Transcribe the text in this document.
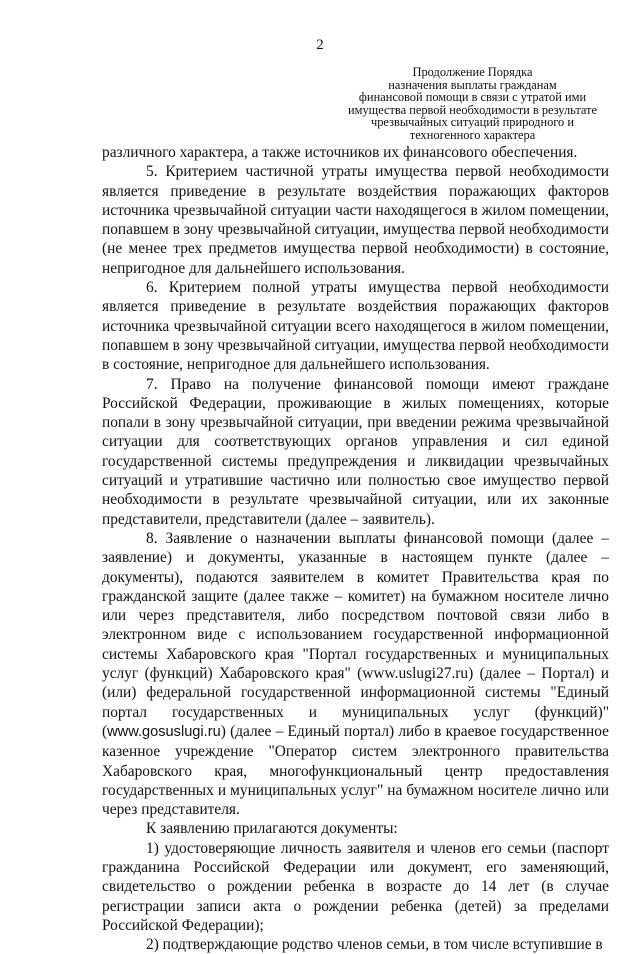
2
Продолжение Порядка
назначения выплаты гражданам
финансовой помощи в связи с утратой ими
имущества первой необходимости в результате
чрезвычайных ситуаций природного и
техногенного характера

различного характера, а также источников их финансового обеспечения.

5. Критерием частичной утраты имущества первой необходимости является приведение в результате воздействия поражающих факторов источника чрезвычайной ситуации части находящегося в жилом помещении, попавшем в зону чрезвычайной ситуации, имущества первой необходимости (не менее трех предметов имущества первой необходимости) в состояние, непригодное для дальнейшего использования.

6. Критерием полной утраты имущества первой необходимости является приведение в результате воздействия поражающих факторов источника чрезвычайной ситуации всего находящегося в жилом помещении, попавшем в зону чрезвычайной ситуации, имущества первой необходимости в состояние, непригодное для дальнейшего использования.

7. Право на получение финансовой помощи имеют граждане Российской Федерации, проживающие в жилых помещениях, которые попали в зону чрезвычайной ситуации, при введении режима чрезвычайной ситуации для соответствующих органов управления и сил единой государственной системы предупреждения и ликвидации чрезвычайных ситуаций и утратившие частично или полностью свое имущество первой необходимости в результате чрезвычайной ситуации, или их законные представители, представители (далее – заявитель).

8. Заявление о назначении выплаты финансовой помощи (далее – заявление) и документы, указанные в настоящем пункте (далее – документы), подаются заявителем в комитет Правительства края по гражданской защите (далее также – комитет) на бумажном носителе лично или через представителя, либо посредством почтовой связи либо в электронном виде с использованием государственной информационной системы Хабаровского края "Портал государственных и муниципальных услуг (функций) Хабаровского края" (www.uslugi27.ru) (далее – Портал) и (или) федеральной государственной информационной системы "Единый портал государственных и муниципальных услуг (функций)" (www.gosuslugi.ru) (далее – Единый портал) либо в краевое государственное казенное учреждение "Оператор систем электронного правительства Хабаровского края, многофункциональный центр предоставления государственных и муниципальных услуг" на бумажном носителе лично или через представителя.

К заявлению прилагаются документы:

1) удостоверяющие личность заявителя и членов его семьи (паспорт гражданина Российской Федерации или документ, его заменяющий, свидетельство о рождении ребенка в возрасте до 14 лет (в случае регистрации записи акта о рождении ребенка (детей) за пределами Российской Федерации);

2) подтверждающие родство членов семьи, в том числе вступившие в
